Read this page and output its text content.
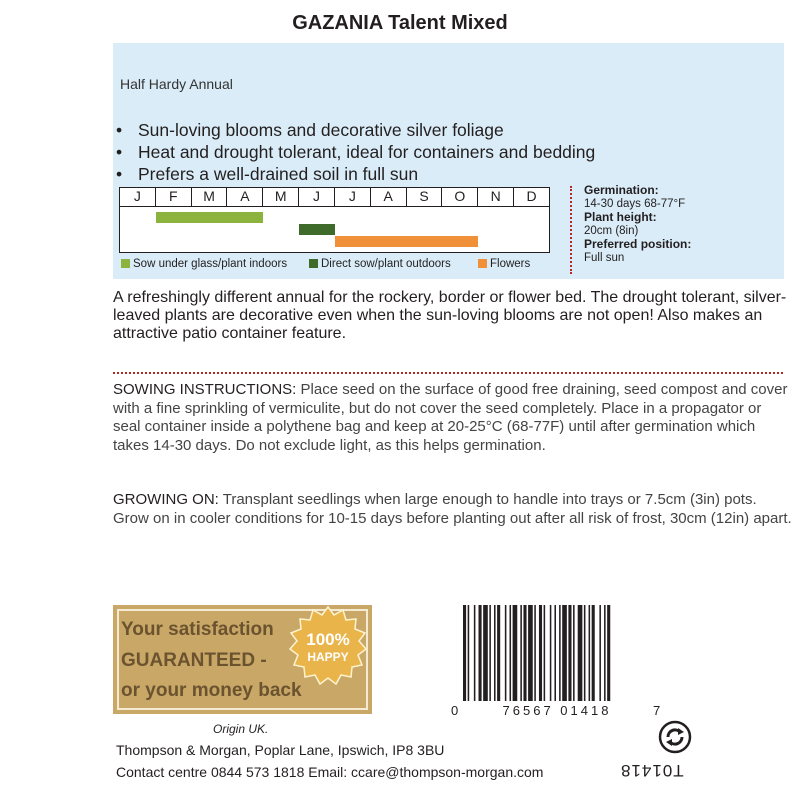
GAZANIA Talent Mixed
Half Hardy Annual
• Sun-loving blooms and decorative silver foliage
• Heat and drought tolerant, ideal for containers and bedding
• Prefers a well-drained soil in full sun
J	F	M	A	M	J	J	A	S	O	N	D
Sow under glass/plant indoors	Direct sow/plant outdoors	Flowers
Germination:
14-30 days 68-77°F
Plant height:
20cm (8in)
Preferred position:
Full sun

A refreshingly different annual for the rockery, border or flower bed. The drought tolerant, silver-leaved plants are decorative even when the sun-loving blooms are not open! Also makes an attractive patio container feature.

SOWING INSTRUCTIONS: Place seed on the surface of good free draining, seed compost and cover with a fine sprinkling of vermiculite, but do not cover the seed completely. Place in a propagator or seal container inside a polythene bag and keep at 20-25°C (68-77F) until after germination which takes 14-30 days. Do not exclude light, as this helps germination.

GROWING ON: Transplant seedlings when large enough to handle into trays or 7.5cm (3in) pots. Grow on in cooler conditions for 10-15 days before planting out after all risk of frost, 30cm (12in) apart.

Your satisfaction
GUARANTEED -
or your money back
100%
HAPPY
0	76567 01418	7
Origin UK.
Thompson & Morgan, Poplar Lane, Ipswich, IP8 3BU
Contact centre 0844 573 1818 Email: ccare@thompson-morgan.com	T01418
